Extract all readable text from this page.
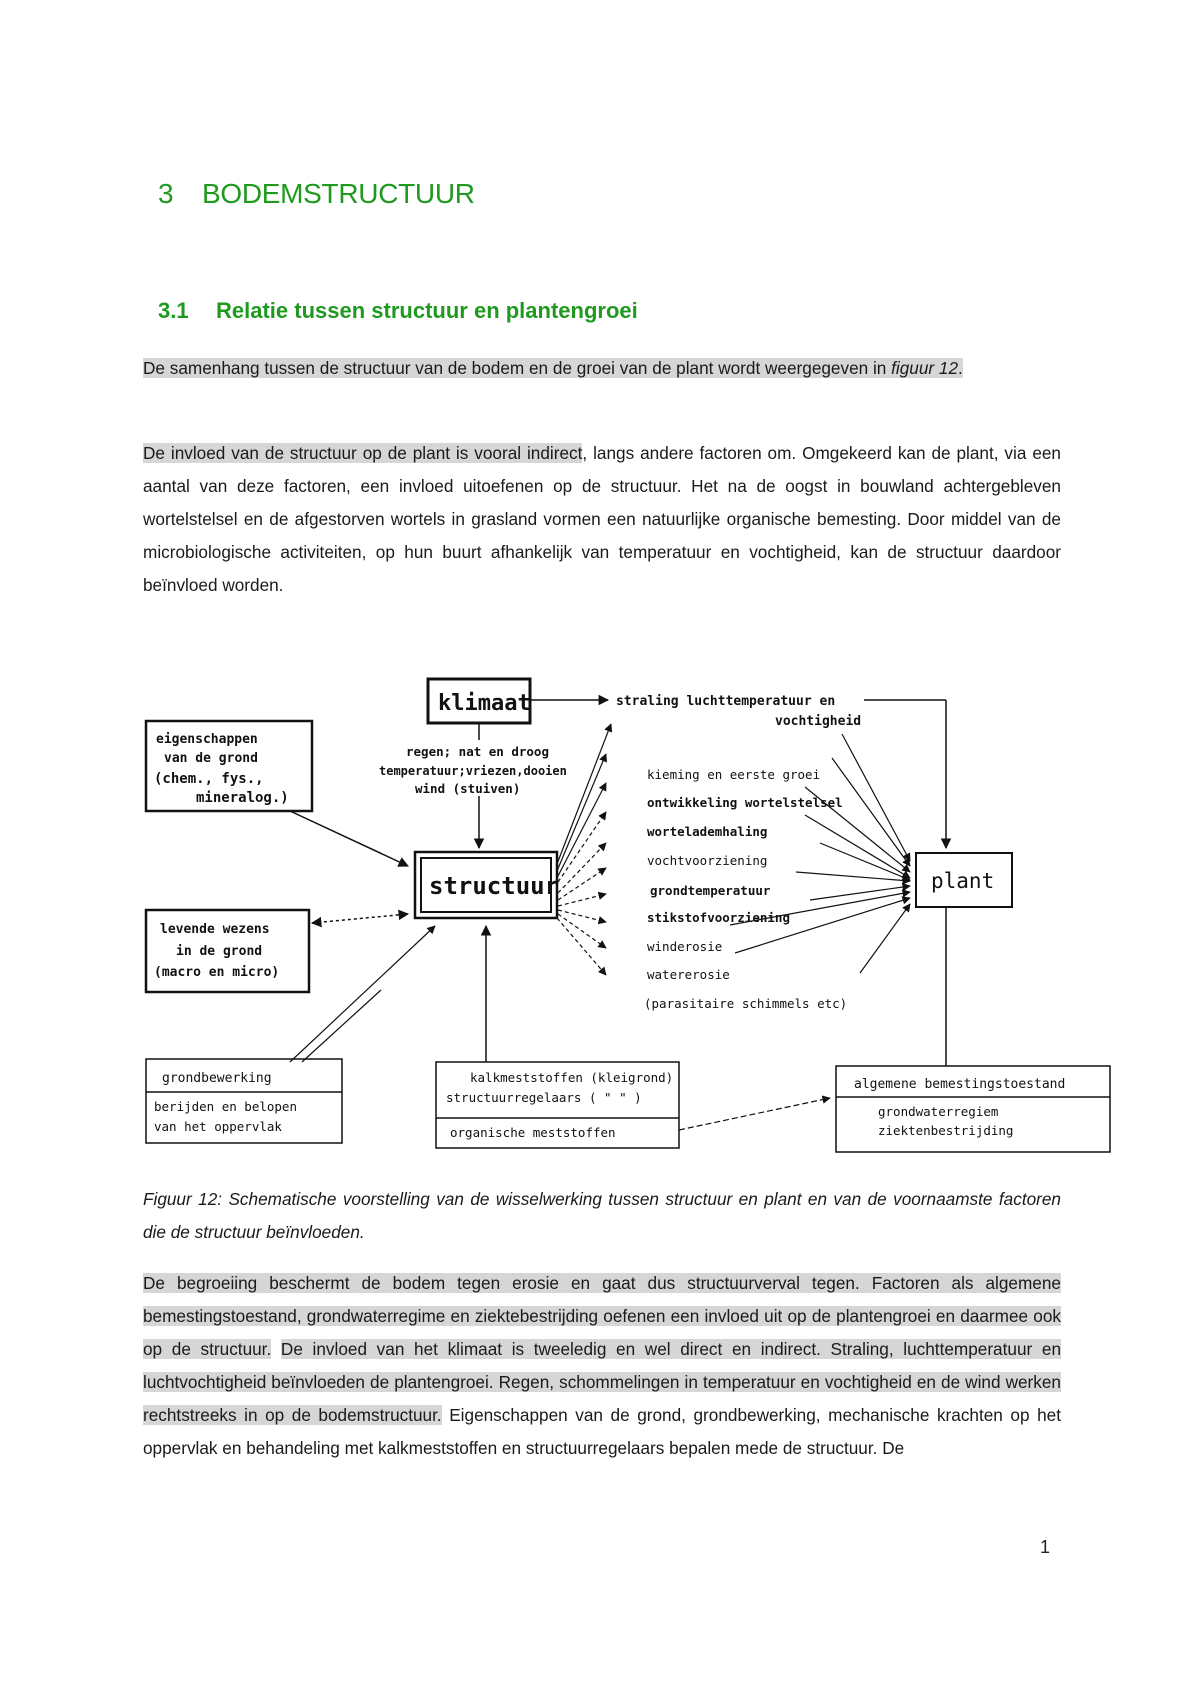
3 BODEMSTRUCTUUR
3.1 Relatie tussen structuur en plantengroei

De samenhang tussen de structuur van de bodem en de groei van de plant wordt weergegeven in figuur 12.

De invloed van de structuur op de plant is vooral indirect, langs andere factoren om. Omgekeerd kan de plant, via een aantal van deze factoren, een invloed uitoefenen op de structuur. Het na de oogst in bouwland achtergebleven wortelstelsel en de afgestorven wortels in grasland vormen een natuurlijke organische bemesting. Door middel van de microbiologische activiteiten, op hun buurt afhankelijk van temperatuur en vochtigheid, kan de structuur daardoor beïnvloed worden.

klimaat	straling luchttemperatuur en
vochtigheid
eigenschappen
van de grond
(chem., fys.,
mineralog.)
regen; nat en droog
temperatuur;vriezen,dooien
wind (stuiven)
structuur	plant
kieming en eerste groei
ontwikkeling wortelstelsel
wortelademhaling
vochtvoorziening
grondtemperatuur
stikstofvoorziening
winderosie
watererosie
(parasitaire schimmels etc)
levende wezens
in de grond
(macro en micro)
grondbewerking
berijden en belopen
van het oppervlak
kalkmeststoffen (kleigrond)
structuurregelaars ( " " )
organische meststoffen
algemene bemestingstoestand
grondwaterregiem
ziektenbestrijding

Figuur 12: Schematische voorstelling van de wisselwerking tussen structuur en plant en van de voornaamste factoren die de structuur beïnvloeden.

De begroeiing beschermt de bodem tegen erosie en gaat dus structuurverval tegen. Factoren als algemene bemestingstoestand, grondwaterregime en ziektebestrijding oefenen een invloed uit op de plantengroei en daarmee ook op de structuur. De invloed van het klimaat is tweeledig en wel direct en indirect. Straling, luchttemperatuur en luchtvochtigheid beïnvloeden de plantengroei. Regen, schommelingen in temperatuur en vochtigheid en de wind werken rechtstreeks in op de bodemstructuur. Eigenschappen van de grond, grondbewerking, mechanische krachten op het oppervlak en behandeling met kalkmeststoffen en structuurregelaars bepalen mede de structuur. De

1
